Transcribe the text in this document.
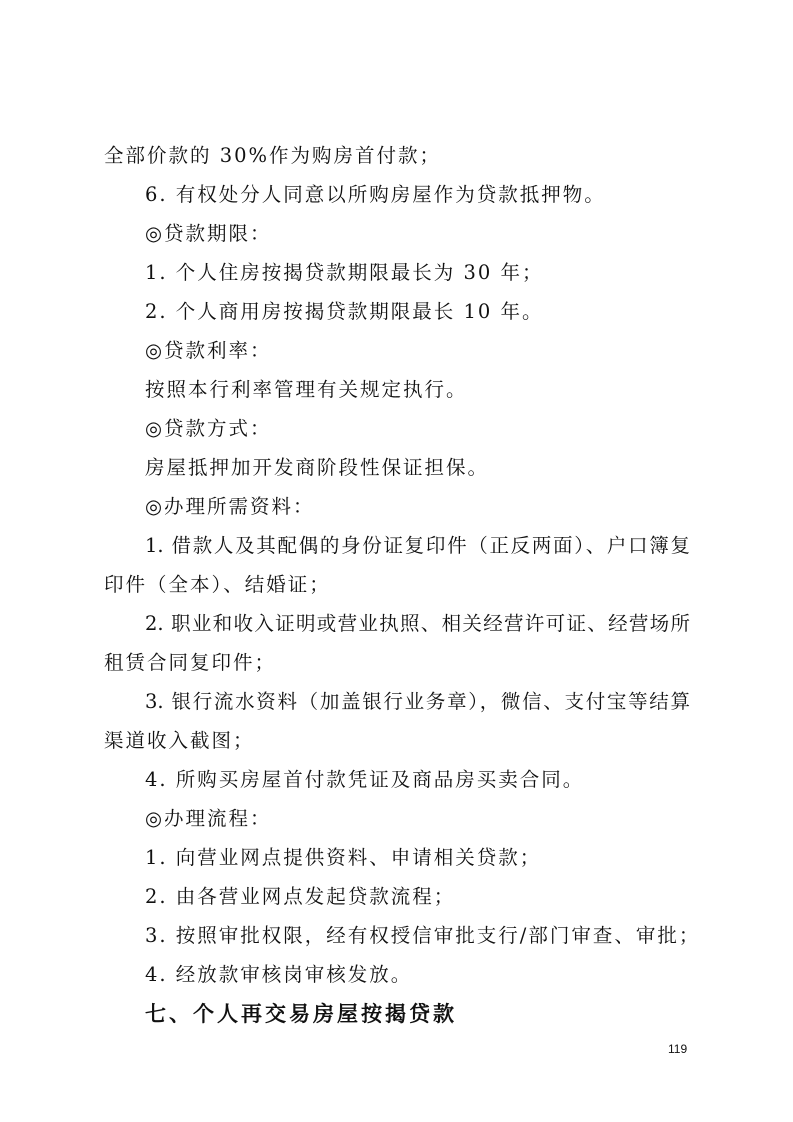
全部价款的 30%作为购房首付款；
6. 有权处分人同意以所购房屋作为贷款抵押物。
◎贷款期限：
1. 个人住房按揭贷款期限最长为 30 年；
2. 个人商用房按揭贷款期限最长 10 年。
◎贷款利率：
按照本行利率管理有关规定执行。
◎贷款方式：
房屋抵押加开发商阶段性保证担保。
◎办理所需资料：
1. 借款人及其配偶的身份证复印件（正反两面）、户口簿复
印件（全本）、结婚证；
2. 职业和收入证明或营业执照、相关经营许可证、经营场所
租赁合同复印件；
3. 银行流水资料（加盖银行业务章），微信、支付宝等结算
渠道收入截图；
4. 所购买房屋首付款凭证及商品房买卖合同。
◎办理流程：
1. 向营业网点提供资料、申请相关贷款；
2. 由各营业网点发起贷款流程；
3. 按照审批权限，经有权授信审批支行/部门审查、审批；
4. 经放款审核岗审核发放。
七、个人再交易房屋按揭贷款
119
